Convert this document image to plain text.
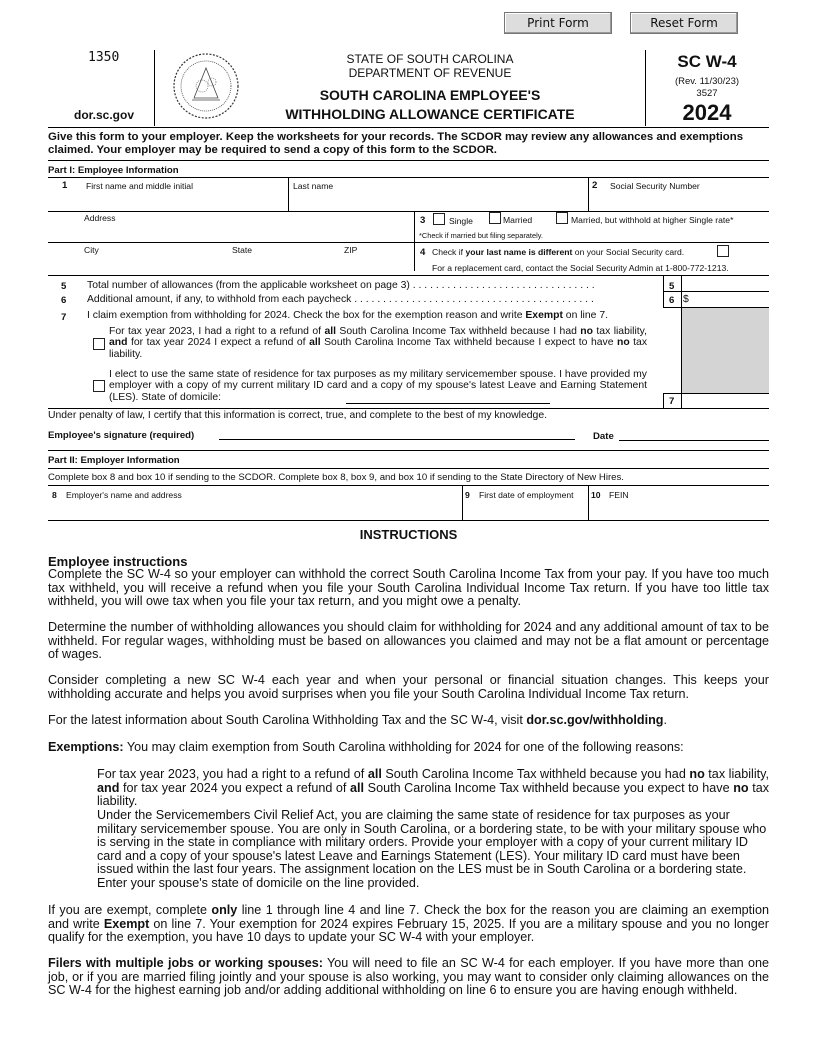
Print Form	Reset Form
1350
dor.sc.gov
STATE OF SOUTH CAROLINA
DEPARTMENT OF REVENUE
SOUTH CAROLINA EMPLOYEE'S
WITHHOLDING ALLOWANCE CERTIFICATE
SC W-4
(Rev. 11/30/23)
3527
2024
Give this form to your employer. Keep the worksheets for your records. The SCDOR may review any allowances and exemptions claimed. Your employer may be required to send a copy of this form to the SCDOR.
Part I: Employee Information
1 First name and middle initial	Last name	2 Social Security Number
Address	3	Single	Married	Married, but withhold at higher Single rate*
*Check if married but filing separately.
City	State	ZIP	4 Check if your last name is different on your Social Security card.
For a replacement card, contact the Social Security Admin at 1-800-772-1213.
5 Total number of allowances (from the applicable worksheet on page 3) . . . . . . . . . . . . . . . . . . . . . . . . . . . . . . . .	5
6 Additional amount, if any, to withhold from each paycheck . . . . . . . . . . . . . . . . . . . . . . . . . . . . . . . . . . . . . . . . . .	6 $
7 I claim exemption from withholding for 2024. Check the box for the exemption reason and write Exempt on line 7.
For tax year 2023, I had a right to a refund of all South Carolina Income Tax withheld because I had no tax liability, and for tax year 2024 I expect a refund of all South Carolina Income Tax withheld because I expect to have no tax liability.
I elect to use the same state of residence for tax purposes as my military servicemember spouse. I have provided my employer with a copy of my current military ID card and a copy of my spouse's latest Leave and Earning Statement (LES). State of domicile:	7
Under penalty of law, I certify that this information is correct, true, and complete to the best of my knowledge.
Employee's signature (required)	Date
Part II: Employer Information
Complete box 8 and box 10 if sending to the SCDOR. Complete box 8, box 9, and box 10 if sending to the State Directory of New Hires.
8 Employer's name and address	9 First date of employment 10 FEIN
INSTRUCTIONS
Employee instructions
Complete the SC W-4 so your employer can withhold the correct South Carolina Income Tax from your pay. If you have too much tax withheld, you will receive a refund when you file your South Carolina Individual Income Tax return. If you have too little tax withheld, you will owe tax when you file your tax return, and you might owe a penalty.
Determine the number of withholding allowances you should claim for withholding for 2024 and any additional amount of tax to be withheld. For regular wages, withholding must be based on allowances you claimed and may not be a flat amount or percentage of wages.
Consider completing a new SC W-4 each year and when your personal or financial situation changes. This keeps your withholding accurate and helps you avoid surprises when you file your South Carolina Individual Income Tax return.
For the latest information about South Carolina Withholding Tax and the SC W-4, visit dor.sc.gov/withholding.
Exemptions: You may claim exemption from South Carolina withholding for 2024 for one of the following reasons:
For tax year 2023, you had a right to a refund of all South Carolina Income Tax withheld because you had no tax liability, and for tax year 2024 you expect a refund of all South Carolina Income Tax withheld because you expect to have no tax liability.
Under the Servicemembers Civil Relief Act, you are claiming the same state of residence for tax purposes as your military servicemember spouse. You are only in South Carolina, or a bordering state, to be with your military spouse who is serving in the state in compliance with military orders. Provide your employer with a copy of your current military ID card and a copy of your spouse's latest Leave and Earnings Statement (LES). Your military ID card must have been issued within the last four years. The assignment location on the LES must be in South Carolina or a bordering state. Enter your spouse's state of domicile on the line provided.
If you are exempt, complete only line 1 through line 4 and line 7. Check the box for the reason you are claiming an exemption and write Exempt on line 7. Your exemption for 2024 expires February 15, 2025. If you are a military spouse and you no longer qualify for the exemption, you have 10 days to update your SC W-4 with your employer.
Filers with multiple jobs or working spouses: You will need to file an SC W-4 for each employer. If you have more than one job, or if you are married filing jointly and your spouse is also working, you may want to consider only claiming allowances on the SC W-4 for the highest earning job and/or adding additional withholding on line 6 to ensure you are having enough withheld.
